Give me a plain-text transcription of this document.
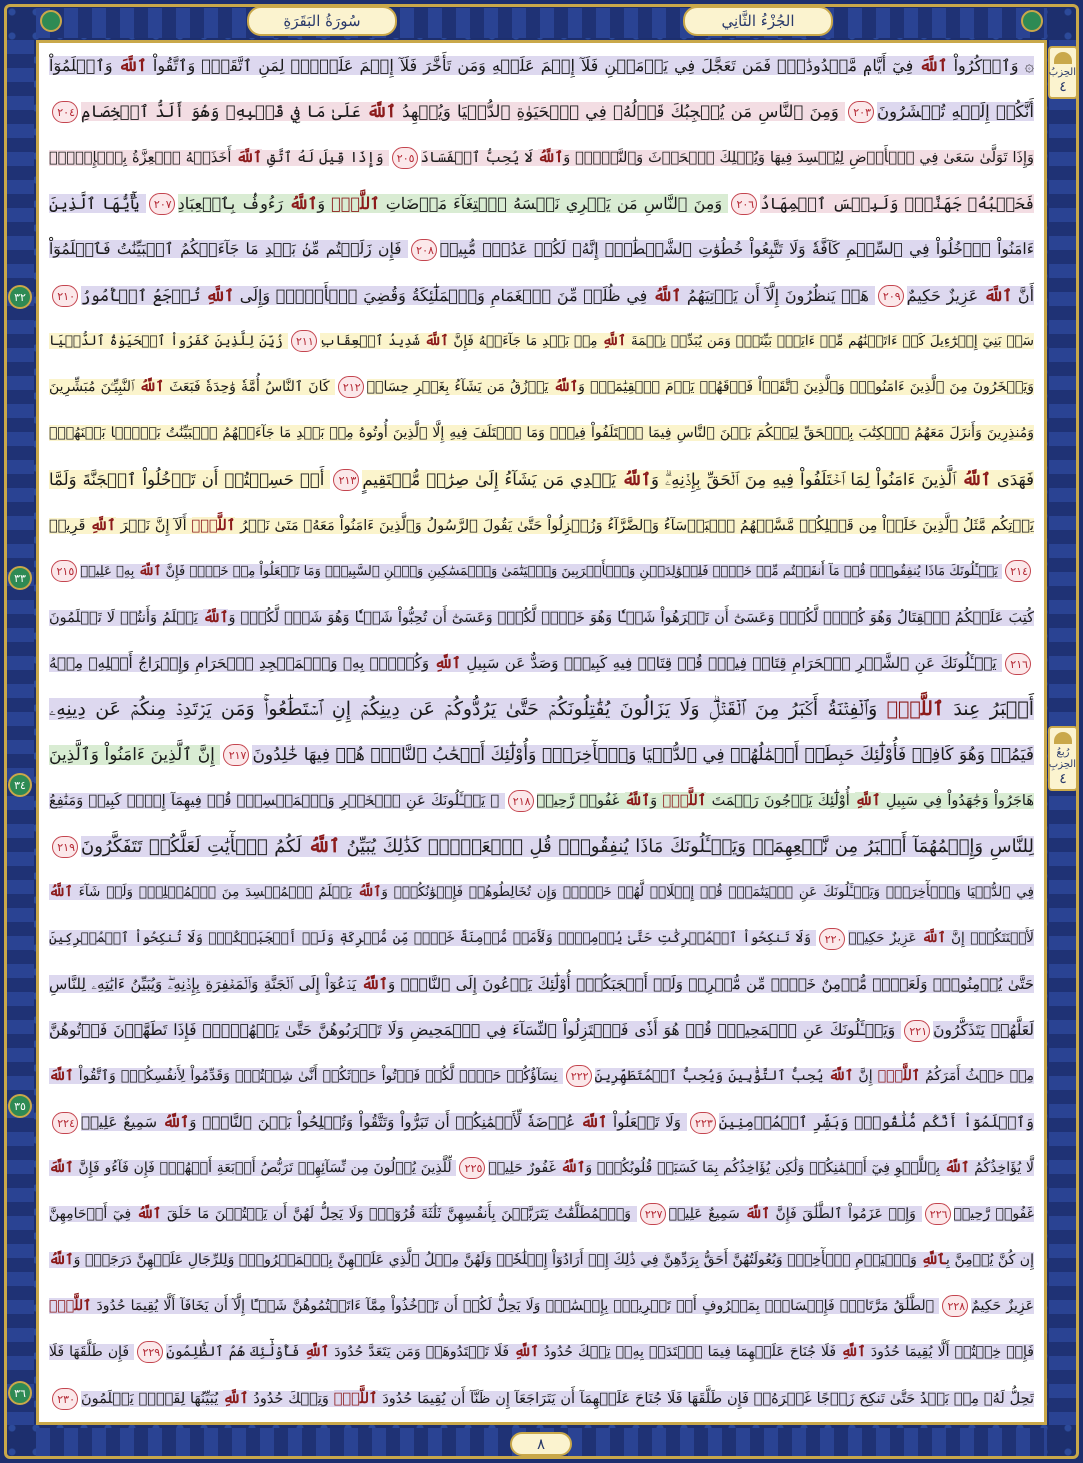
سُورَةُ البَقَرَةِ	الجُزْءُ الثَّانِي
الحِزبُ
٤
رُبعُ الحِزبِ
٤
٣٢
٣٣
٣٤
٣٥
٣٦
۞ وَٱذۡكُرُواْ ٱللَّهَ فِيٓ أَيَّامٖ مَّعۡدُودَٰتٖۚ فَمَن تَعَجَّلَ فِي يَوۡمَيۡنِ فَلَآ إِثۡمَ عَلَيۡهِ وَمَن تَأَخَّرَ فَلَآ إِثۡمَ عَلَيۡهِۖ لِمَنِ ٱتَّقَىٰۗ وَٱتَّقُواْ ٱللَّهَ وَٱعۡلَمُوٓاْ
أَنَّكُمۡ إِلَيۡهِ تُحۡشَرُونَ٢٠٣ وَمِنَ ٱلنَّاسِ مَن يُعۡجِبُكَ قَوۡلُهُۥ فِي ٱلۡحَيَوٰةِ ٱلدُّنۡيَا وَيُشۡهِدُ ٱللَّهَ عَلَىٰ مَا فِي قَلۡبِهِۦ وَهُوَ أَلَدُّ ٱلۡخِصَامِ٢٠٤
وَإِذَا تَوَلَّىٰ سَعَىٰ فِي ٱلۡأَرۡضِ لِيُفۡسِدَ فِيهَا وَيُهۡلِكَ ٱلۡحَرۡثَ وَٱلنَّسۡلَۚ وَٱللَّهُ لَا يُحِبُّ ٱلۡفَسَادَ٢٠٥ وَإِذَا قِيلَ لَهُ ٱتَّقِ ٱللَّهَ أَخَذَتۡهُ ٱلۡعِزَّةُ بِٱلۡإِثۡمِۚ
فَحَسۡبُهُۥ جَهَنَّمُۖ وَلَبِئۡسَ ٱلۡمِهَادُ٢٠٦ وَمِنَ ٱلنَّاسِ مَن يَشۡرِي نَفۡسَهُ ٱبۡتِغَآءَ مَرۡضَاتِ ٱللَّهِۚ وَٱللَّهُ رَءُوفُۢ بِٱلۡعِبَادِ٢٠٧ يَٰٓأَيُّهَا ٱلَّذِينَ
ءَامَنُواْ ٱدۡخُلُواْ فِي ٱلسِّلۡمِ كَآفَّةٗ وَلَا تَتَّبِعُواْ خُطُوَٰتِ ٱلشَّيۡطَٰنِۚ إِنَّهُۥ لَكُمۡ عَدُوّٞ مُّبِينٞ٢٠٨ فَإِن زَلَلۡتُم مِّنۢ بَعۡدِ مَا جَآءَتۡكُمُ ٱلۡبَيِّنَٰتُ فَٱعۡلَمُوٓاْ
أَنَّ ٱللَّهَ عَزِيزٌ حَكِيمٌ٢٠٩ هَلۡ يَنظُرُونَ إِلَّآ أَن يَأۡتِيَهُمُ ٱللَّهُ فِي ظُلَلٖ مِّنَ ٱلۡغَمَامِ وَٱلۡمَلَٰٓئِكَةُ وَقُضِيَ ٱلۡأَمۡرُۚ وَإِلَى ٱللَّهِ تُرۡجَعُ ٱلۡأُمُورُ٢١٠
سَلۡ بَنِيٓ إِسۡرَٰٓءِيلَ كَمۡ ءَاتَيۡنَٰهُم مِّنۡ ءَايَةِۭ بَيِّنَةٖۗ وَمَن يُبَدِّلۡ نِعۡمَةَ ٱللَّهِ مِنۢ بَعۡدِ مَا جَآءَتۡهُ فَإِنَّ ٱللَّهَ شَدِيدُ ٱلۡعِقَابِ٢١١ زُيِّنَ لِلَّذِينَ كَفَرُواْ ٱلۡحَيَوٰةُ ٱلدُّنۡيَا
وَيَسۡخَرُونَ مِنَ ٱلَّذِينَ ءَامَنُواْۘ وَٱلَّذِينَ ٱتَّقَوۡاْ فَوۡقَهُمۡ يَوۡمَ ٱلۡقِيَٰمَةِۗ وَٱللَّهُ يَرۡزُقُ مَن يَشَآءُ بِغَيۡرِ حِسَابٖ٢١٢ كَانَ ٱلنَّاسُ أُمَّةٗ وَٰحِدَةٗ فَبَعَثَ ٱللَّهُ ٱلنَّبِيِّـۧنَ مُبَشِّرِينَ
وَمُنذِرِينَ وَأَنزَلَ مَعَهُمُ ٱلۡكِتَٰبَ بِٱلۡحَقِّ لِيَحۡكُمَ بَيۡنَ ٱلنَّاسِ فِيمَا ٱخۡتَلَفُواْ فِيهِۚ وَمَا ٱخۡتَلَفَ فِيهِ إِلَّا ٱلَّذِينَ أُوتُوهُ مِنۢ بَعۡدِ مَا جَآءَتۡهُمُ ٱلۡبَيِّنَٰتُ بَغۡيَۢا بَيۡنَهُمۡۖ
فَهَدَى ٱللَّهُ ٱلَّذِينَ ءَامَنُواْ لِمَا ٱخۡتَلَفُواْ فِيهِ مِنَ ٱلۡحَقِّ بِإِذۡنِهِۦۗ وَٱللَّهُ يَهۡدِي مَن يَشَآءُ إِلَىٰ صِرَٰطٖ مُّسۡتَقِيمٍ٢١٣ أَمۡ حَسِبۡتُمۡ أَن تَدۡخُلُواْ ٱلۡجَنَّةَ وَلَمَّا
يَأۡتِكُم مَّثَلُ ٱلَّذِينَ خَلَوۡاْ مِن قَبۡلِكُمۖ مَّسَّتۡهُمُ ٱلۡبَأۡسَآءُ وَٱلضَّرَّآءُ وَزُلۡزِلُواْ حَتَّىٰ يَقُولَ ٱلرَّسُولُ وَٱلَّذِينَ ءَامَنُواْ مَعَهُۥ مَتَىٰ نَصۡرُ ٱللَّهِۗ أَلَآ إِنَّ نَصۡرَ ٱللَّهِ قَرِيبٞ
٢١٤ يَسۡـَٔلُونَكَ مَاذَا يُنفِقُونَۖ قُلۡ مَآ أَنفَقۡتُم مِّنۡ خَيۡرٖ فَلِلۡوَٰلِدَيۡنِ وَٱلۡأَقۡرَبِينَ وَٱلۡيَتَٰمَىٰ وَٱلۡمَسَٰكِينِ وَٱبۡنِ ٱلسَّبِيلِۗ وَمَا تَفۡعَلُواْ مِنۡ خَيۡرٖ فَإِنَّ ٱللَّهَ بِهِۦ عَلِيمٞ٢١٥
كُتِبَ عَلَيۡكُمُ ٱلۡقِتَالُ وَهُوَ كُرۡهٞ لَّكُمۡۖ وَعَسَىٰٓ أَن تَكۡرَهُواْ شَيۡـٔٗا وَهُوَ خَيۡرٞ لَّكُمۡۖ وَعَسَىٰٓ أَن تُحِبُّواْ شَيۡـٔٗا وَهُوَ شَرّٞ لَّكُمۡۚ وَٱللَّهُ يَعۡلَمُ وَأَنتُمۡ لَا تَعۡلَمُونَ
٢١٦ يَسۡـَٔلُونَكَ عَنِ ٱلشَّهۡرِ ٱلۡحَرَامِ قِتَالٖ فِيهِۖ قُلۡ قِتَالٞ فِيهِ كَبِيرٞۚ وَصَدٌّ عَن سَبِيلِ ٱللَّهِ وَكُفۡرُۢ بِهِۦ وَٱلۡمَسۡجِدِ ٱلۡحَرَامِ وَإِخۡرَاجُ أَهۡلِهِۦ مِنۡهُ
أَكۡبَرُ عِندَ ٱللَّهِۚ وَٱلۡفِتۡنَةُ أَكۡبَرُ مِنَ ٱلۡقَتۡلِۗ وَلَا يَزَالُونَ يُقَٰتِلُونَكُمۡ حَتَّىٰ يَرُدُّوكُمۡ عَن دِينِكُمۡ إِنِ ٱسۡتَطَٰعُواْۚ وَمَن يَرۡتَدِدۡ مِنكُمۡ عَن دِينِهِۦ
فَيَمُتۡ وَهُوَ كَافِرٞ فَأُوْلَٰٓئِكَ حَبِطَتۡ أَعۡمَٰلُهُمۡ فِي ٱلدُّنۡيَا وَٱلۡأٓخِرَةِۖ وَأُوْلَٰٓئِكَ أَصۡحَٰبُ ٱلنَّارِۖ هُمۡ فِيهَا خَٰلِدُونَ٢١٧ إِنَّ ٱلَّذِينَ ءَامَنُواْ وَٱلَّذِينَ
هَاجَرُواْ وَجَٰهَدُواْ فِي سَبِيلِ ٱللَّهِ أُوْلَٰٓئِكَ يَرۡجُونَ رَحۡمَتَ ٱللَّهِۚ وَٱللَّهُ غَفُورٞ رَّحِيمٞ٢١٨ ۞ يَسۡـَٔلُونَكَ عَنِ ٱلۡخَمۡرِ وَٱلۡمَيۡسِرِۖ قُلۡ فِيهِمَآ إِثۡمٞ كَبِيرٞ وَمَنَٰفِعُ
لِلنَّاسِ وَإِثۡمُهُمَآ أَكۡبَرُ مِن نَّفۡعِهِمَاۗ وَيَسۡـَٔلُونَكَ مَاذَا يُنفِقُونَۖ قُلِ ٱلۡعَفۡوَۗ كَذَٰلِكَ يُبَيِّنُ ٱللَّهُ لَكُمُ ٱلۡأٓيَٰتِ لَعَلَّكُمۡ تَتَفَكَّرُونَ٢١٩
فِي ٱلدُّنۡيَا وَٱلۡأٓخِرَةِۗ وَيَسۡـَٔلُونَكَ عَنِ ٱلۡيَتَٰمَىٰۖ قُلۡ إِصۡلَاحٞ لَّهُمۡ خَيۡرٞۖ وَإِن تُخَالِطُوهُمۡ فَإِخۡوَٰنُكُمۡۚ وَٱللَّهُ يَعۡلَمُ ٱلۡمُفۡسِدَ مِنَ ٱلۡمُصۡلِحِۚ وَلَوۡ شَآءَ ٱللَّهُ
لَأَعۡنَتَكُمۡۚ إِنَّ ٱللَّهَ عَزِيزٌ حَكِيمٞ٢٢٠ وَلَا تَنكِحُواْ ٱلۡمُشۡرِكَٰتِ حَتَّىٰ يُؤۡمِنَّۚ وَلَأَمَةٞ مُّؤۡمِنَةٌ خَيۡرٞ مِّن مُّشۡرِكَةٖ وَلَوۡ أَعۡجَبَتۡكُمۡۗ وَلَا تُنكِحُواْ ٱلۡمُشۡرِكِينَ
حَتَّىٰ يُؤۡمِنُواْۚ وَلَعَبۡدٞ مُّؤۡمِنٌ خَيۡرٞ مِّن مُّشۡرِكٖ وَلَوۡ أَعۡجَبَكُمۡۗ أُوْلَٰٓئِكَ يَدۡعُونَ إِلَى ٱلنَّارِۖ وَٱللَّهُ يَدۡعُوٓاْ إِلَى ٱلۡجَنَّةِ وَٱلۡمَغۡفِرَةِ بِإِذۡنِهِۦۖ وَيُبَيِّنُ ءَايَٰتِهِۦ لِلنَّاسِ
لَعَلَّهُمۡ يَتَذَكَّرُونَ٢٢١ وَيَسۡـَٔلُونَكَ عَنِ ٱلۡمَحِيضِۖ قُلۡ هُوَ أَذٗى فَٱعۡتَزِلُواْ ٱلنِّسَآءَ فِي ٱلۡمَحِيضِ وَلَا تَقۡرَبُوهُنَّ حَتَّىٰ يَطۡهُرۡنَۖ فَإِذَا تَطَهَّرۡنَ فَأۡتُوهُنَّ
مِنۡ حَيۡثُ أَمَرَكُمُ ٱللَّهُۚ إِنَّ ٱللَّهَ يُحِبُّ ٱلتَّوَّٰبِينَ وَيُحِبُّ ٱلۡمُتَطَهِّرِينَ٢٢٢ نِسَآؤُكُمۡ حَرۡثٞ لَّكُمۡ فَأۡتُواْ حَرۡثَكُمۡ أَنَّىٰ شِئۡتُمۡۖ وَقَدِّمُواْ لِأَنفُسِكُمۡۚ وَٱتَّقُواْ ٱللَّهَ
وَٱعۡلَمُوٓاْ أَنَّكُم مُّلَٰقُوهُۗ وَبَشِّرِ ٱلۡمُؤۡمِنِينَ٢٢٣ وَلَا تَجۡعَلُواْ ٱللَّهَ عُرۡضَةٗ لِّأَيۡمَٰنِكُمۡ أَن تَبَرُّواْ وَتَتَّقُواْ وَتُصۡلِحُواْ بَيۡنَ ٱلنَّاسِۚ وَٱللَّهُ سَمِيعٌ عَلِيمٞ٢٢٤
لَّا يُؤَاخِذُكُمُ ٱللَّهُ بِٱللَّغۡوِ فِيٓ أَيۡمَٰنِكُمۡ وَلَٰكِن يُؤَاخِذُكُم بِمَا كَسَبَتۡ قُلُوبُكُمۡۗ وَٱللَّهُ غَفُورٌ حَلِيمٞ٢٢٥ لِّلَّذِينَ يُؤۡلُونَ مِن نِّسَآئِهِمۡ تَرَبُّصُ أَرۡبَعَةِ أَشۡهُرٖۖ فَإِن فَآءُو فَإِنَّ ٱللَّهَ
غَفُورٞ رَّحِيمٞ٢٢٦ وَإِنۡ عَزَمُواْ ٱلطَّلَٰقَ فَإِنَّ ٱللَّهَ سَمِيعٌ عَلِيمٞ٢٢٧ وَٱلۡمُطَلَّقَٰتُ يَتَرَبَّصۡنَ بِأَنفُسِهِنَّ ثَلَٰثَةَ قُرُوٓءٖۚ وَلَا يَحِلُّ لَهُنَّ أَن يَكۡتُمۡنَ مَا خَلَقَ ٱللَّهُ فِيٓ أَرۡحَامِهِنَّ
إِن كُنَّ يُؤۡمِنَّ بِٱللَّهِ وَٱلۡيَوۡمِ ٱلۡأٓخِرِۚ وَبُعُولَتُهُنَّ أَحَقُّ بِرَدِّهِنَّ فِي ذَٰلِكَ إِنۡ أَرَادُوٓاْ إِصۡلَٰحٗاۚ وَلَهُنَّ مِثۡلُ ٱلَّذِي عَلَيۡهِنَّ بِٱلۡمَعۡرُوفِۚ وَلِلرِّجَالِ عَلَيۡهِنَّ دَرَجَةٞۗ وَٱللَّهُ
عَزِيزٌ حَكِيمٌ٢٢٨ ٱلطَّلَٰقُ مَرَّتَانِۖ فَإِمۡسَاكُۢ بِمَعۡرُوفٍ أَوۡ تَسۡرِيحُۢ بِإِحۡسَٰنٖۗ وَلَا يَحِلُّ لَكُمۡ أَن تَأۡخُذُواْ مِمَّآ ءَاتَيۡتُمُوهُنَّ شَيۡـًٔا إِلَّآ أَن يَخَافَآ أَلَّا يُقِيمَا حُدُودَ ٱللَّهِۖ
فَإِنۡ خِفۡتُمۡ أَلَّا يُقِيمَا حُدُودَ ٱللَّهِ فَلَا جُنَاحَ عَلَيۡهِمَا فِيمَا ٱفۡتَدَتۡ بِهِۦۗ تِلۡكَ حُدُودُ ٱللَّهِ فَلَا تَعۡتَدُوهَاۚ وَمَن يَتَعَدَّ حُدُودَ ٱللَّهِ فَأُوْلَٰٓئِكَ هُمُ ٱلظَّٰلِمُونَ٢٢٩ فَإِن طَلَّقَهَا فَلَا
تَحِلُّ لَهُۥ مِنۢ بَعۡدُ حَتَّىٰ تَنكِحَ زَوۡجًا غَيۡرَهُۥۗ فَإِن طَلَّقَهَا فَلَا جُنَاحَ عَلَيۡهِمَآ أَن يَتَرَاجَعَآ إِن ظَنَّآ أَن يُقِيمَا حُدُودَ ٱللَّهِۗ وَتِلۡكَ حُدُودُ ٱللَّهِ يُبَيِّنُهَا لِقَوۡمٖ يَعۡلَمُونَ٢٣٠
٨
